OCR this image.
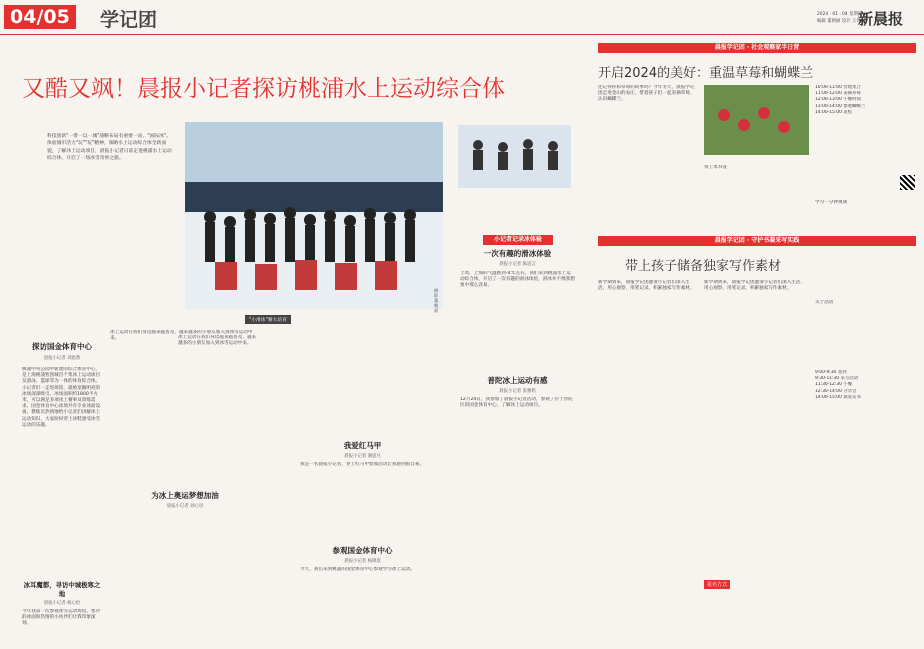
04/05	学记团	2024 · 01 · 04 星期四
编辑 董朝丽 设计 王伟
新晨报
又酷又飒！晨报小记者探访桃浦水上运动综合体
科技创新"一带一以一城"战略布局有重要一站，"国际冰"。体验城市活力"玩""玩"精神，领略水上运动综合体全新面貌，了解冰上运动项目，晨报小记者日前走进桃浦水上运动综合体，开启了一场冰雪奇妙之旅。
摄影 董朝丽
小记者记录冰体验
"小滑冰"赛大培育
探访国金体育中心
晨报小记者 刘思然
桃浦中央公园中新建的综合体育中心，是上海桃浦智创城首个集冰上运动项目及游泳、篮球等为一体的体育综合体。小记者们一走进场馆，就被宽敞明亮的冰场深深吸引。冰场面积约1800平方米，可以满足多项冰上赛事及训练需求。国金体育中心冰场共有专业冰面设备，教练员热情地给小记者们讲解冰上运动知识，大家纷纷穿上冰鞋感受冰雪运动的乐趣。
冰耳魔都，寻访中城极寒之地
晨报小记者 杨心怡
今年我第一次参观冰雪运动场馆，寒冷的冰面和热情的小伙伴们让我印象深刻。
冰上运动在我们身边越来越普及，越来越多的小朋友加入到冰雪运动中来。
为冰上奥运梦想加油
晨报小记者 刘心语
冰上运动在我们身边越来越普及，越来越多的小朋友加入到冰雪运动中来。
一次有趣的滑冰体验
晨报小记者 陈思言
上周，上海的气温跌到-4℃左右，我们来到桃浦水上运动综合体，开启了一次有趣的滑冰体验，滑冰并不像我想象中那么容易。
普陀冰上运动有感
晨报小记者 张雅铭
12月24日，我参加了晨报小记者活动，参观了位于普陀区的国金体育中心，了解冰上运动项目。
我爱红马甲
晨报小记者 谢思凡
我是一名晨报小记者，穿上红马甲参加活动让我感到很自豪。
参观国金体育中心
晨报小记者 杨锦宸
今天，我们来到桃浦的国金体育中心参观学习冰上运动。
晨报学记团 · 社会观察家半日营
开启2024的美好：重温草莓和蝴蝶兰
还记得你和草莓的故事吗？今年冬天，晨报学记团走进金山的农庄，带着孩子们一起采摘草莓、认识蝴蝶兰。
10:00-11:00 营地集合
11:00-12:00 采摘草莓
12:00-13:00 午餐时间
13:00-14:00 参观蝴蝶兰
14:00-15:00 返程
带上本书签
学习一分钟视频
晨报学记团 · 守护书凝采写实践
带上孩子储备独家写作素材
新学期到来，晨报学记团邀请小记者们深入生活，用心观察，用笔记录，积累独家写作素材。
新学期到来，晨报学记团邀请小记者们深入生活，用心观察，用笔记录，积累独家写作素材。
9:00-9:30 签到
9:30-11:30 采写活动
11:30-12:30 午餐
12:30-14:00 分享会
14:00-15:00 颁发证书
关于活动
报名方式
